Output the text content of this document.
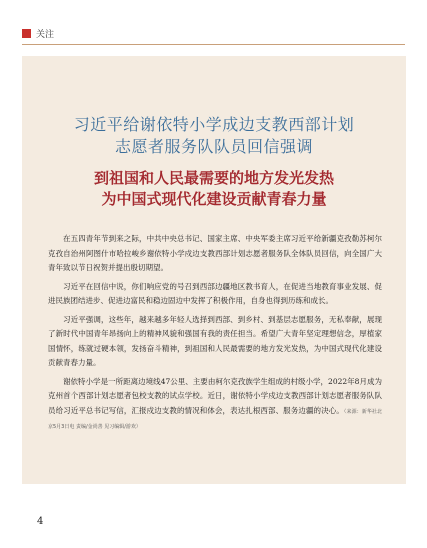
关注
习近平给谢依特小学成边支教西部计划
志愿者服务队队员回信强调
到祖国和人民最需要的地方发光发热
为中国式现代化建设贡献青春力量

在五四青年节到来之际，中共中央总书记、国家主席、中央军委主席习近平给新疆克孜勒苏柯尔克孜自治州阿图什市哈拉峻乡谢依特小学戍边支教西部计划志愿者服务队全体队员回信，向全国广大青年致以节日祝贺并提出殷切期望。

习近平在回信中说，你们响应党的号召到西部边疆地区教书育人，在促进当地教育事业发展、促进民族团结进步、促进边富民和稳边固边中发挥了积极作用，自身也得到历练和成长。

习近平强调，这些年，越来越多年轻人选择到西部、到乡村、到基层志愿服务，无私奉献，展现了新时代中国青年昂扬向上的精神风貌和强国有我的责任担当。希望广大青年坚定理想信念，厚植家国情怀，练就过硬本领，发扬奋斗精神，到祖国和人民最需要的地方发光发热，为中国式现代化建设贡献青春力量。

谢依特小学是一所距离边境线47公里、主要由柯尔克孜族学生组成的村级小学，2022年8月成为克州首个西部计划志愿者包校支教的试点学校。近日，谢依特小学戍边支教西部计划志愿者服务队队员给习近平总书记写信，汇报戍边支教的情况和体会，表达扎根西部、服务边疆的决心。（来源：新华社北京5月3日电 责编/金尚善 见习编辑/游欢）

4
